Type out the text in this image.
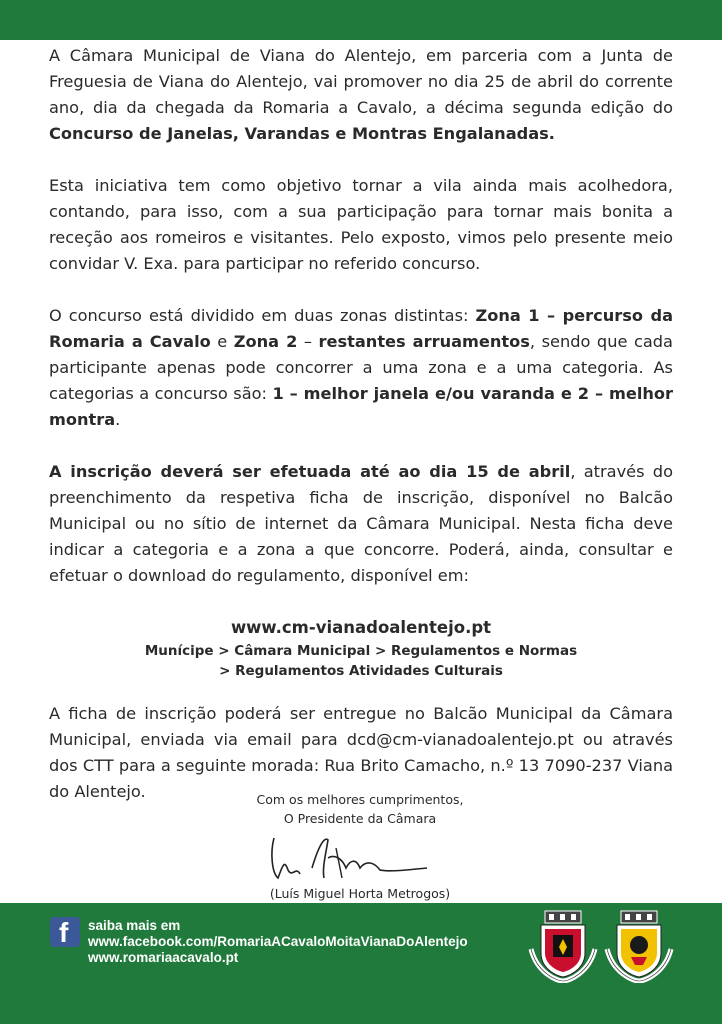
A Câmara Municipal de Viana do Alentejo, em parceria com a Junta de Freguesia de Viana do Alentejo, vai promover no dia 25 de abril do corrente ano, dia da chegada da Romaria a Cavalo, a décima segunda edição do Concurso de Janelas, Varandas e Montras Engalanadas.

Esta iniciativa tem como objetivo tornar a vila ainda mais acolhedora, contando, para isso, com a sua participação para tornar mais bonita a receção aos romeiros e visitantes. Pelo exposto, vimos pelo presente meio convidar V. Exa. para participar no referido concurso.

O concurso está dividido em duas zonas distintas: Zona 1 – percurso da Romaria a Cavalo e Zona 2 – restantes arruamentos, sendo que cada participante apenas pode concorrer a uma zona e a uma categoria. As categorias a concurso são: 1 – melhor janela e/ou varanda e 2 – melhor montra.

A inscrição deverá ser efetuada até ao dia 15 de abril, através do preenchimento da respetiva ficha de inscrição, disponível no Balcão Municipal ou no sítio de internet da Câmara Municipal. Nesta ficha deve indicar a categoria e a zona a que concorre. Poderá, ainda, consultar e efetuar o download do regulamento, disponível em:

www.cm-vianadoalentejo.pt
Munícipe > Câmara Municipal > Regulamentos e Normas
> Regulamentos Atividades Culturais

A ficha de inscrição poderá ser entregue no Balcão Municipal da Câmara Municipal, enviada via email para dcd@cm-vianadoalentejo.pt ou através dos CTT para a seguinte morada: Rua Brito Camacho, n.º 13 7090-237 Viana do Alentejo.	Com os melhores cumprimentos,
O Presidente da Câmara
(Luís Miguel Horta Metrogos)
f saiba mais em
www.facebook.com/RomariaACavaloMoitaVianaDoAlentejo
www.romariaacavalo.pt
